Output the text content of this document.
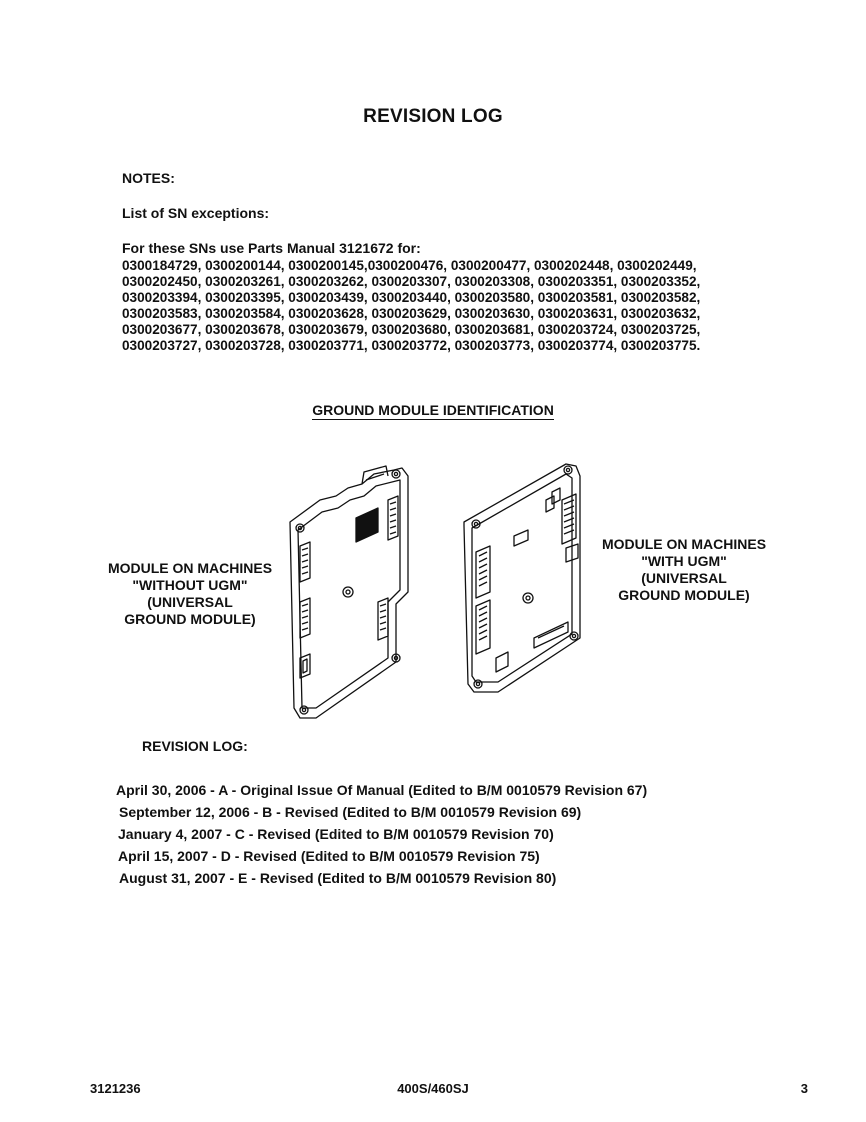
REVISION LOG
NOTES:
List of SN exceptions:
For these SNs use Parts Manual 3121672 for:
0300184729, 0300200144, 0300200145,0300200476, 0300200477, 0300202448, 0300202449,
0300202450, 0300203261, 0300203262, 0300203307, 0300203308, 0300203351, 0300203352,
0300203394, 0300203395, 0300203439, 0300203440, 0300203580, 0300203581, 0300203582,
0300203583, 0300203584, 0300203628, 0300203629, 0300203630, 0300203631, 0300203632,
0300203677, 0300203678, 0300203679, 0300203680, 0300203681, 0300203724, 0300203725,
0300203727, 0300203728, 0300203771, 0300203772, 0300203773, 0300203774, 0300203775.
GROUND MODULE IDENTIFICATION
MODULE ON MACHINES
"WITHOUT UGM"
(UNIVERSAL
GROUND MODULE)
MODULE ON MACHINES
"WITH UGM"
(UNIVERSAL
GROUND MODULE)
REVISION LOG:
April 30, 2006 - A - Original Issue Of Manual (Edited to B/M 0010579 Revision 67)
September 12, 2006 - B - Revised (Edited to B/M 0010579 Revision 69)
January 4, 2007 - C - Revised (Edited to B/M 0010579 Revision 70)
April 15, 2007 - D - Revised (Edited to B/M 0010579 Revision 75)
August 31, 2007 - E - Revised (Edited to B/M 0010579 Revision 80)
3121236	400S/460SJ	3
